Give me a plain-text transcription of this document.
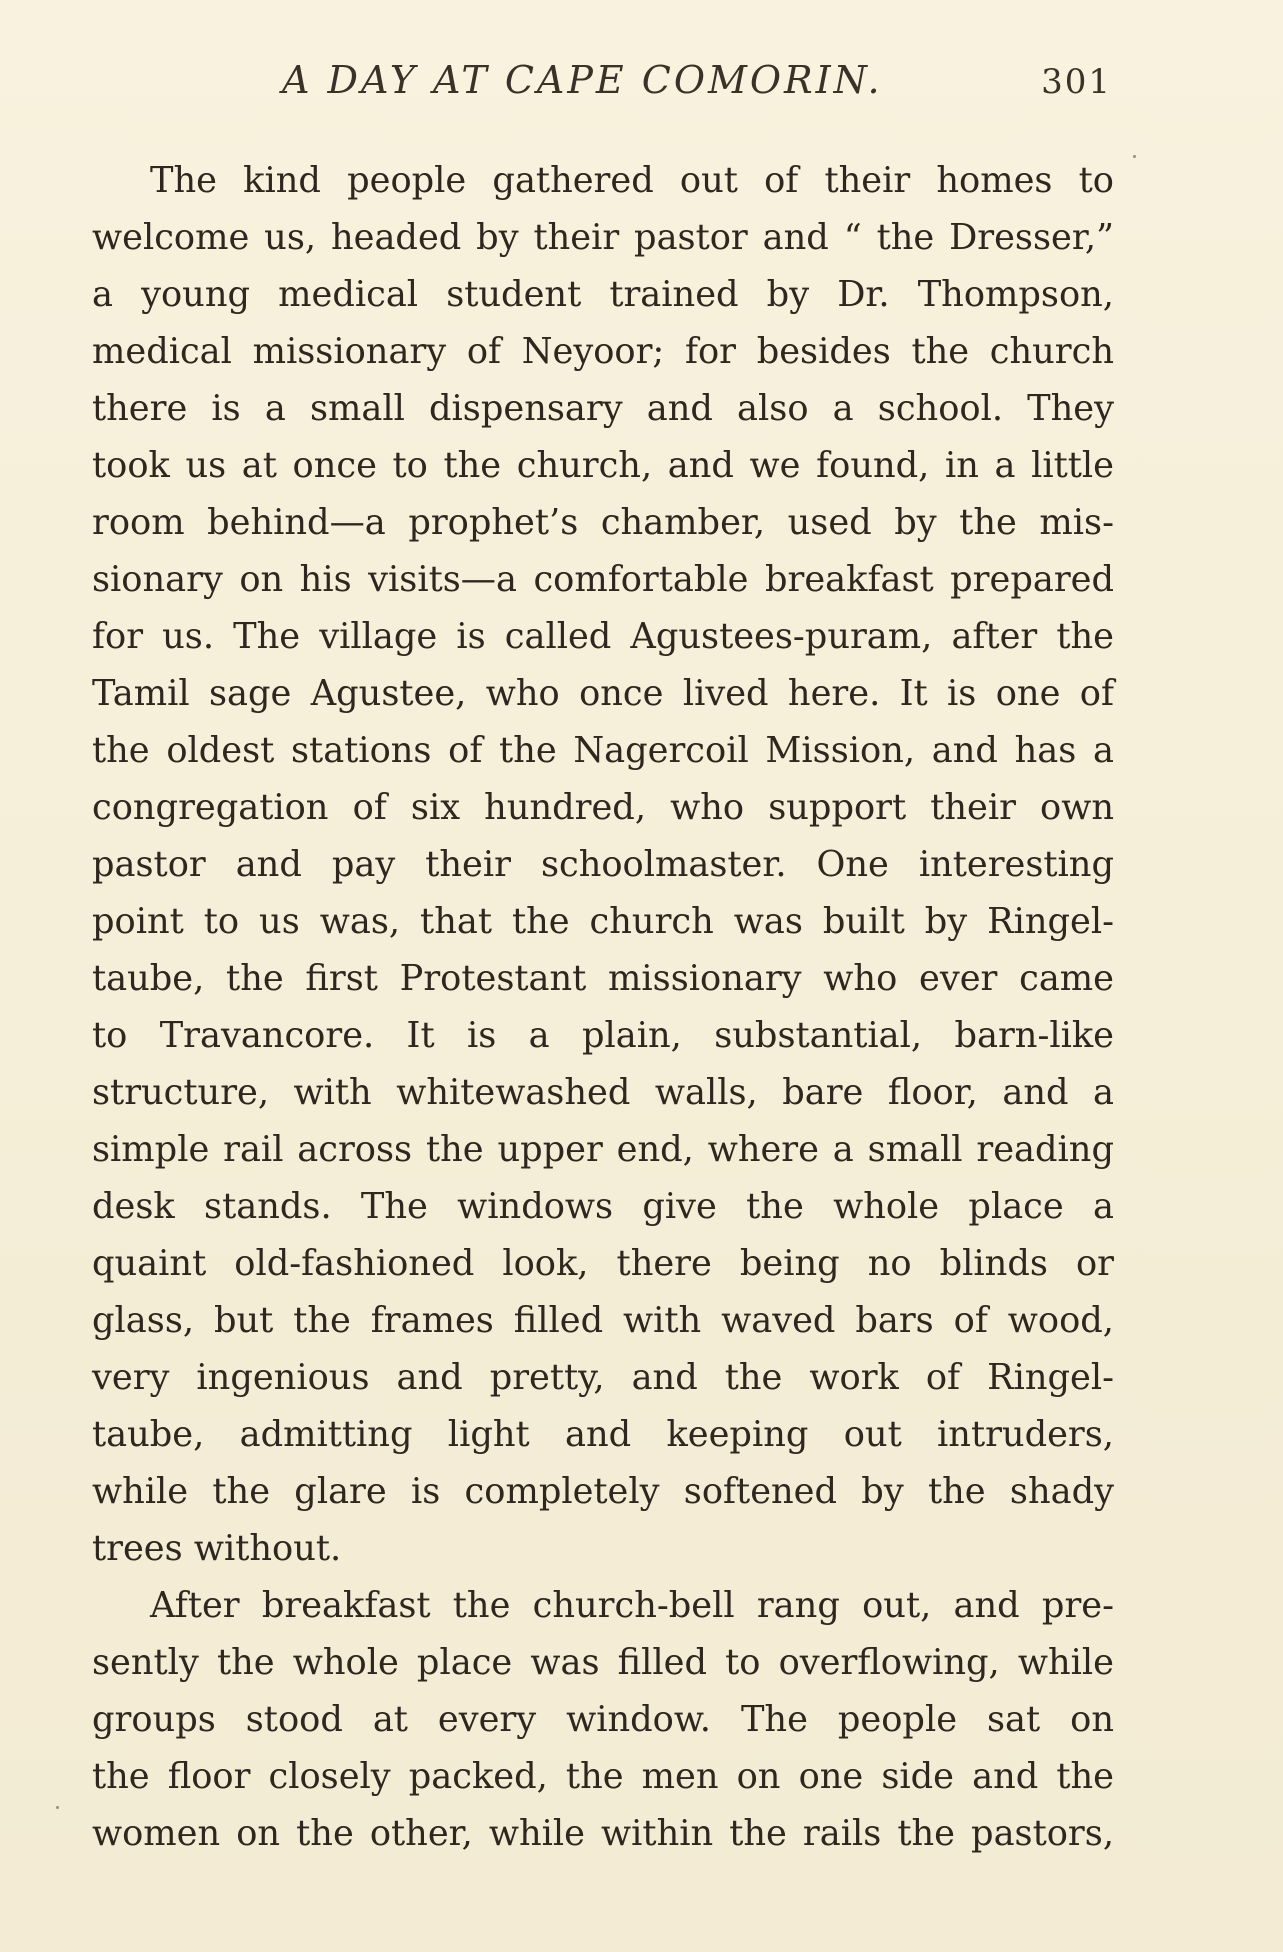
A DAY AT CAPE COMORIN.	301
The kind people gathered out of their homes to
welcome us, headed by their pastor and “ the Dresser,”
a young medical student trained by Dr. Thompson,
medical missionary of Neyoor; for besides the church
there is a small dispensary and also a school. They
took us at once to the church, and we found, in a little
room behind—a prophet’s chamber, used by the mis-
sionary on his visits—a comfortable breakfast prepared
for us. The village is called Agustees-puram, after the
Tamil sage Agustee, who once lived here. It is one of
the oldest stations of the Nagercoil Mission, and has a
congregation of six hundred, who support their own
pastor and pay their schoolmaster. One interesting
point to us was, that the church was built by Ringel-
taube, the first Protestant missionary who ever came
to Travancore. It is a plain, substantial, barn-like
structure, with whitewashed walls, bare floor, and a
simple rail across the upper end, where a small reading
desk stands. The windows give the whole place a
quaint old-fashioned look, there being no blinds or
glass, but the frames filled with waved bars of wood,
very ingenious and pretty, and the work of Ringel-
taube, admitting light and keeping out intruders,
while the glare is completely softened by the shady
trees without.
After breakfast the church-bell rang out, and pre-
sently the whole place was filled to overflowing, while
groups stood at every window. The people sat on
the floor closely packed, the men on one side and the
women on the other, while within the rails the pastors,
